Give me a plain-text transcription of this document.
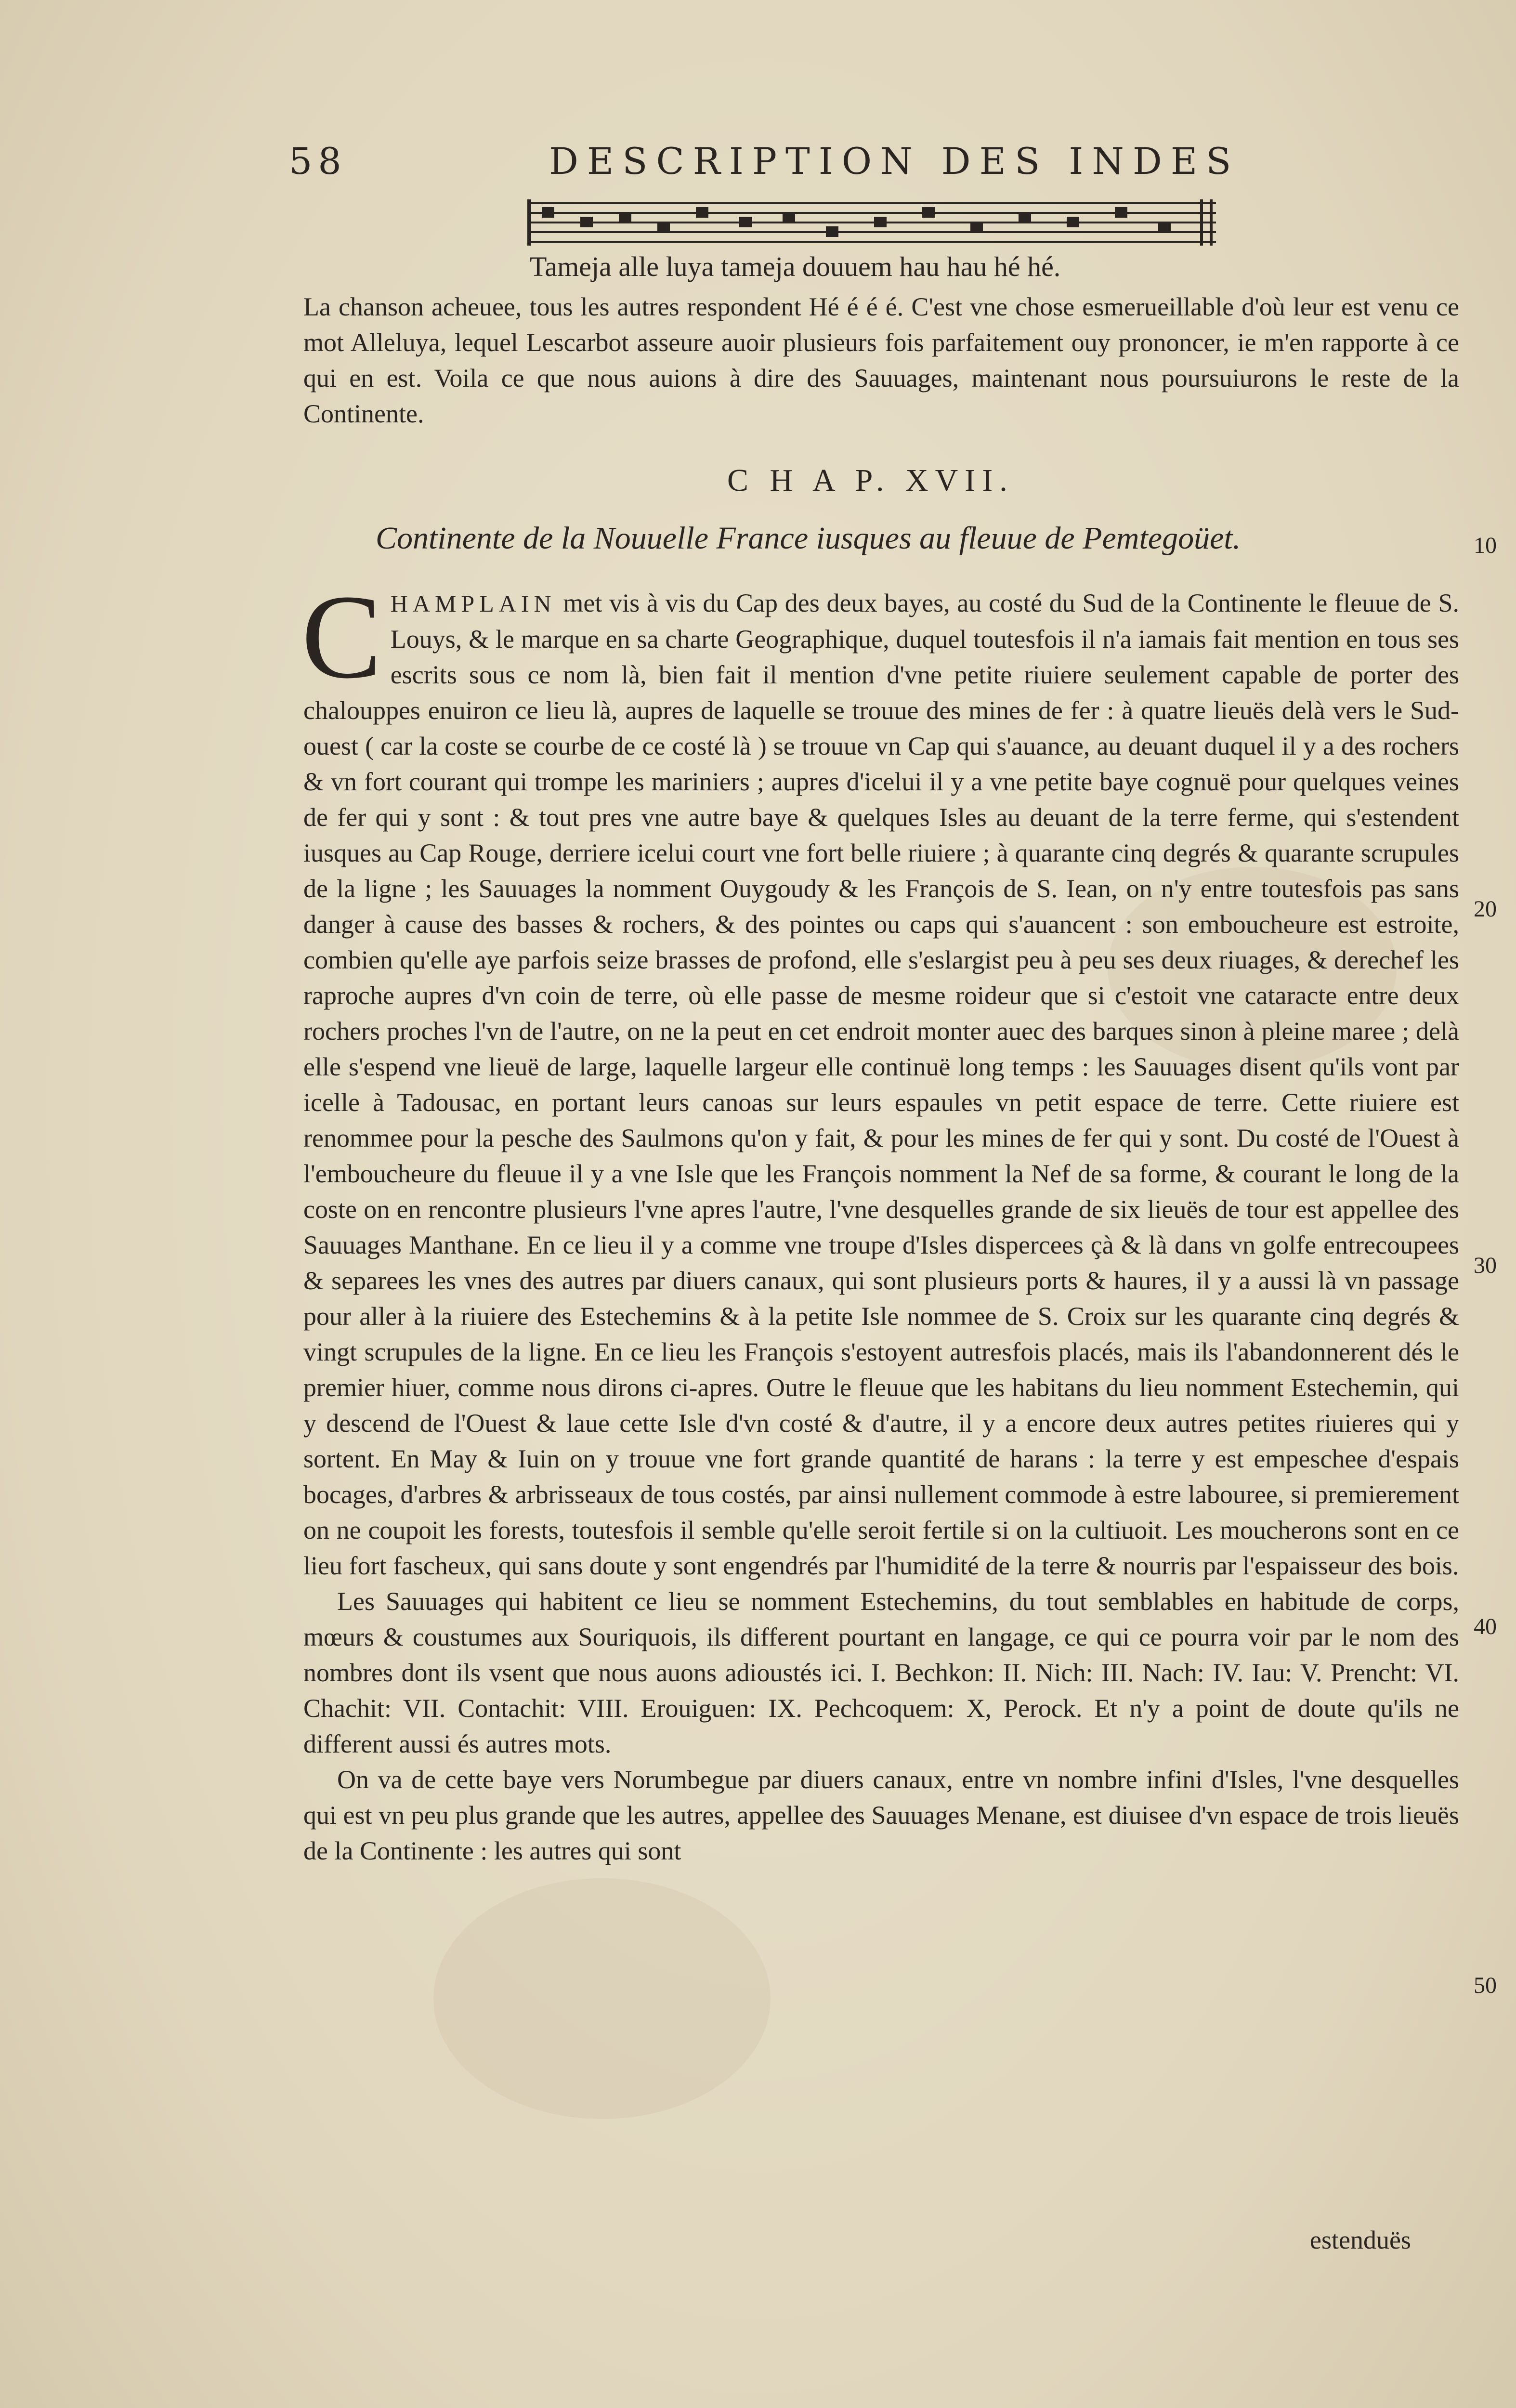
58	DESCRIPTION DES INDES
Tameja alle luya tameja douuem hau hau hé hé.

La chanson acheuee, tous les autres respondent Hé é é é. C'est vne chose esmerueillable d'où leur est venu ce mot Alleluya, lequel Lescarbot asseure auoir plusieurs fois parfaitement ouy prononcer, ie m'en rapporte à ce qui en est. Voila ce que nous auions à dire des Sauuages, maintenant nous poursuiurons le reste de la Continente.

C H A P. XVII.
Continente de la Nouuelle France iusques au fleuue de Pemtegoüet.

CHAMPLAIN met vis à vis du Cap des deux bayes, au costé du Sud de la Continente le fleuue de S. Louys, & le marque en sa charte Geographique, duquel toutesfois il n'a iamais fait mention en tous ses escrits sous ce nom là, bien fait il mention d'vne petite riuiere seulement capable de porter des chalouppes enuiron ce lieu là, aupres de laquelle se trouue des mines de fer : à quatre lieuës delà vers le Sud-ouest ( car la coste se courbe de ce costé là ) se trouue vn Cap qui s'auance, au deuant duquel il y a des rochers & vn fort courant qui trompe les mariniers ; aupres d'icelui il y a vne petite baye cognuë pour quelques veines de fer qui y sont : & tout pres vne autre baye & quelques Isles au deuant de la terre ferme, qui s'estendent iusques au Cap Rouge, derriere icelui court vne fort belle riuiere ; à quarante cinq degrés & quarante scrupules de la ligne ; les Sauuages la nomment Ouygoudy & les François de S. Iean, on n'y entre toutesfois pas sans danger à cause des basses & rochers, & des pointes ou caps qui s'auancent : son emboucheure est estroite, combien qu'elle aye parfois seize brasses de profond, elle s'eslargist peu à peu ses deux riuages, & derechef les raproche aupres d'vn coin de terre, où elle passe de mesme roideur que si c'estoit vne cataracte entre deux rochers proches l'vn de l'autre, on ne la peut en cet endroit monter auec des barques sinon à pleine maree ; delà elle s'espend vne lieuë de large, laquelle largeur elle continuë long temps : les Sauuages disent qu'ils vont par icelle à Tadousac, en portant leurs canoas sur leurs espaules vn petit espace de terre. Cette riuiere est renommee pour la pesche des Saulmons qu'on y fait, & pour les mines de fer qui y sont. Du costé de l'Ouest à l'emboucheure du fleuue il y a vne Isle que les François nomment la Nef de sa forme, & courant le long de la coste on en rencontre plusieurs l'vne apres l'autre, l'vne desquelles grande de six lieuës de tour est appellee des Sauuages Manthane. En ce lieu il y a comme vne troupe d'Isles dispercees çà & là dans vn golfe entrecoupees & separees les vnes des autres par diuers canaux, qui sont plusieurs ports & haures, il y a aussi là vn passage pour aller à la riuiere des Estechemins & à la petite Isle nommee de S. Croix sur les quarante cinq degrés & vingt scrupules de la ligne. En ce lieu les François s'estoyent autresfois placés, mais ils l'abandonnerent dés le premier hiuer, comme nous dirons ci-apres. Outre le fleuue que les habitans du lieu nomment Estechemin, qui y descend de l'Ouest & laue cette Isle d'vn costé & d'autre, il y a encore deux autres petites riuieres qui y sortent. En May & Iuin on y trouue vne fort grande quantité de harans : la terre y est empeschee d'espais bocages, d'arbres & arbrisseaux de tous costés, par ainsi nullement commode à estre labouree, si premierement on ne coupoit les forests, toutesfois il semble qu'elle seroit fertile si on la cultiuoit. Les moucherons sont en ce lieu fort fascheux, qui sans doute y sont engendrés par l'humidité de la terre & nourris par l'espaisseur des bois.

Les Sauuages qui habitent ce lieu se nomment Estechemins, du tout semblables en habitude de corps, mœurs & coustumes aux Souriquois, ils different pourtant en langage, ce qui ce pourra voir par le nom des nombres dont ils vsent que nous auons adioustés ici. I. Bechkon: II. Nich: III. Nach: IV. Iau: V. Prencht: VI. Chachit: VII. Contachit: VIII. Erouiguen: IX. Pechcoquem: X, Perock. Et n'y a point de doute qu'ils ne different aussi és autres mots.

On va de cette baye vers Norumbegue par diuers canaux, entre vn nombre infini d'Isles, l'vne desquelles qui est vn peu plus grande que les autres, appellee des Sauuages Menane, est diuisee d'vn espace de trois lieuës de la Continente : les autres qui sont

10
20
30
40
50
estenduës
